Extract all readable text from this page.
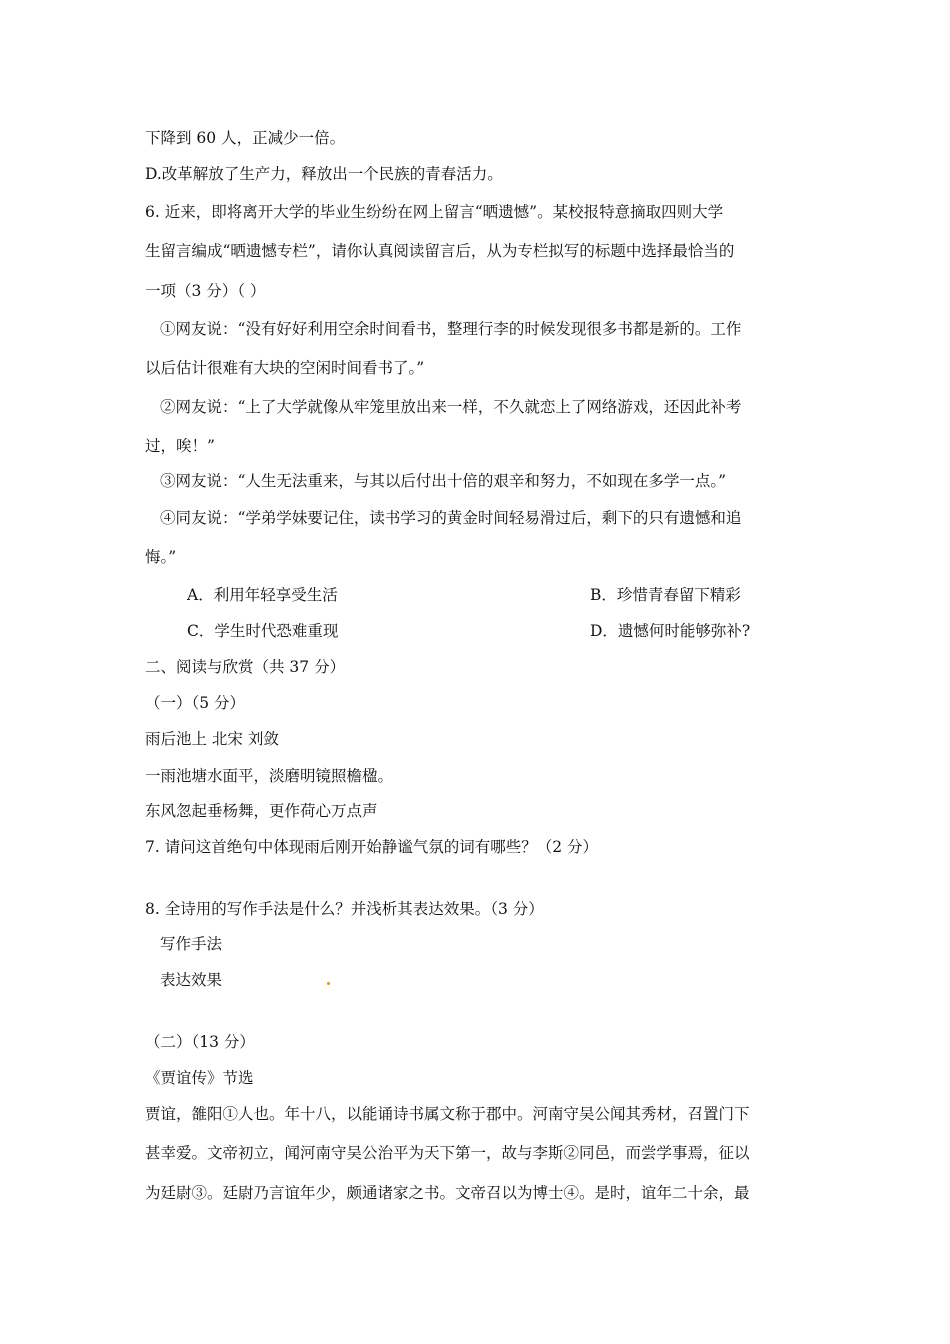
下降到 60 人，正减少一倍。
D.改革解放了生产力，释放出一个民族的青春活力。
6. 近来，即将离开大学的毕业生纷纷在网上留言“晒遗憾”。某校报特意摘取四则大学
生留言编成“晒遗憾专栏”，请你认真阅读留言后，从为专栏拟写的标题中选择最恰当的
一项（3 分）（ ）
①网友说：“没有好好利用空余时间看书，整理行李的时候发现很多书都是新的。工作
以后估计很难有大块的空闲时间看书了。”
②网友说：“上了大学就像从牢笼里放出来一样，不久就恋上了网络游戏，还因此补考
过，唉！”
③网友说：“人生无法重来，与其以后付出十倍的艰辛和努力，不如现在多学一点。”
④同友说：“学弟学妹要记住，读书学习的黄金时间轻易滑过后，剩下的只有遗憾和追
悔。”
A．利用年轻享受生活	B．珍惜青春留下精彩
C．学生时代恐难重现	D．遗憾何时能够弥补?
二、阅读与欣赏（共 37 分）
（一）（5 分）
雨后池上 北宋 刘敛
一雨池塘水面平，淡磨明镜照檐楹。
东风忽起垂杨舞，更作荷心万点声
7. 请问这首绝句中体现雨后刚开始静谧气氛的词有哪些？（2 分）
8. 全诗用的写作手法是什么？并浅析其表达效果。（3 分）
写作手法
表达效果
（二）（13 分）
《贾谊传》节选
贾谊，雒阳①人也。年十八，以能诵诗书属文称于郡中。河南守吴公闻其秀材，召置门下
甚幸爱。文帝初立，闻河南守吴公治平为天下第一，故与李斯②同邑，而尝学事焉，征以
为廷尉③。廷尉乃言谊年少，颇通诸家之书。文帝召以为博士④。是时，谊年二十余，最
